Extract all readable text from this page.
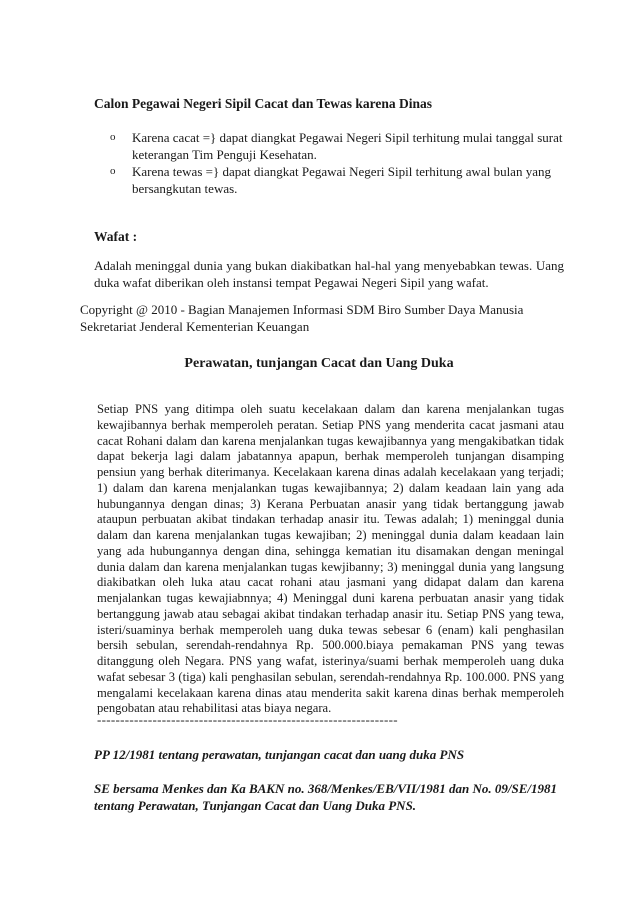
Calon Pegawai Negeri Sipil Cacat dan Tewas karena Dinas
o Karena cacat =} dapat diangkat Pegawai Negeri Sipil terhitung mulai tanggal surat keterangan Tim Penguji Kesehatan.
o Karena tewas =} dapat diangkat Pegawai Negeri Sipil terhitung awal bulan yang bersangkutan tewas.
Wafat :
Adalah meninggal dunia yang bukan diakibatkan hal-hal yang menyebabkan tewas. Uang duka wafat diberikan oleh instansi tempat Pegawai Negeri Sipil yang wafat.
Copyright @ 2010 - Bagian Manajemen Informasi SDM Biro Sumber Daya Manusia
Sekretariat Jenderal Kementerian Keuangan
Perawatan, tunjangan Cacat dan Uang Duka
Setiap PNS yang ditimpa oleh suatu kecelakaan dalam dan karena menjalankan tugas kewajibannya berhak memperoleh peratan. Setiap PNS yang menderita cacat jasmani atau cacat Rohani dalam dan karena menjalankan tugas kewajibannya yang mengakibatkan tidak dapat bekerja lagi dalam jabatannya apapun, berhak memperoleh tunjangan disamping pensiun yang berhak diterimanya. Kecelakaan karena dinas adalah kecelakaan yang terjadi; 1) dalam dan karena menjalankan tugas kewajibannya; 2) dalam keadaan lain yang ada hubungannya dengan dinas; 3) Kerana Perbuatan anasir yang tidak bertanggung jawab ataupun perbuatan akibat tindakan terhadap anasir itu. Tewas adalah; 1) meninggal dunia dalam dan karena menjalankan tugas kewajiban; 2) meninggal dunia dalam keadaan lain yang ada hubungannya dengan dina, sehingga kematian itu disamakan dengan meningal dunia dalam dan karena menjalankan tugas kewjibanny; 3) meninggal dunia yang langsung diakibatkan oleh luka atau cacat rohani atau jasmani yang didapat dalam dan karena menjalankan tugas kewajiabnnya; 4) Meninggal duni karena perbuatan anasir yang tidak bertanggung jawab atau sebagai akibat tindakan terhadap anasir itu. Setiap PNS yang tewa, isteri/suaminya berhak memperoleh uang duka tewas sebesar 6 (enam) kali penghasilan bersih sebulan, serendah-rendahnya Rp. 500.000.biaya pemakaman PNS yang tewas ditanggung oleh Negara. PNS yang wafat, isterinya/suami berhak memperoleh uang duka wafat sebesar 3 (tiga) kali penghasilan sebulan, serendah-rendahnya Rp. 100.000. PNS yang mengalami kecelakaan karena dinas atau menderita sakit karena dinas berhak memperoleh pengobatan atau rehabilitasi atas biaya negara.
-----------------------------------------------------------------
PP 12/1981 tentang perawatan, tunjangan cacat dan uang duka PNS
SE bersama Menkes dan Ka BAKN no. 368/Menkes/EB/VII/1981 dan No. 09/SE/1981 tentang Perawatan, Tunjangan Cacat dan Uang Duka PNS.
